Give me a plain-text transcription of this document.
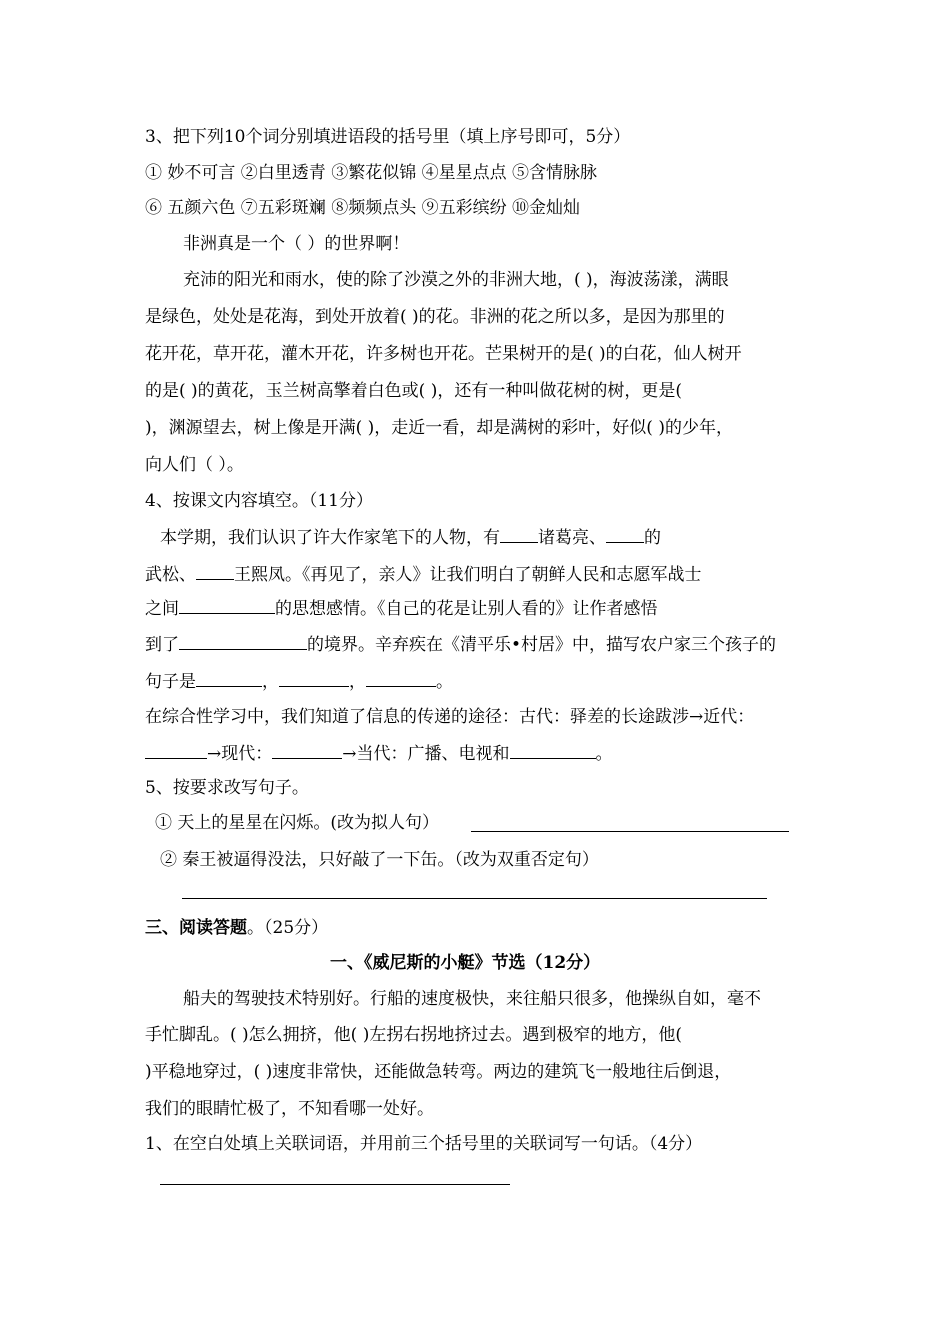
3、把下列10个词分别填进语段的括号里（填上序号即可，5分）
① 妙不可言 ②白里透青 ③繁花似锦 ④星星点点 ⑤含情脉脉
⑥ 五颜六色 ⑦五彩斑斓 ⑧频频点头 ⑨五彩缤纷 ⑩金灿灿
非洲真是一个（ ）的世界啊！
充沛的阳光和雨水，使的除了沙漠之外的非洲大地，( )，海波荡漾，满眼
是绿色，处处是花海，到处开放着( )的花。非洲的花之所以多，是因为那里的
花开花，草开花，灌木开花，许多树也开花。芒果树开的是( )的白花，仙人树开
的是( )的黄花，玉兰树高擎着白色或( )，还有一种叫做花树的树，更是(
)，渊源望去，树上像是开满( )，走近一看，却是满树的彩叶，好似( )的少年，
向人们（ ）。
4、按课文内容填空。（11分）
本学期，我们认识了许大作家笔下的人物，有 诸葛亮、 的
武松、 王熙凤。《再见了，亲人》让我们明白了朝鲜人民和志愿军战士
之间	的思想感情。《自己的花是让别人看的》让作者感悟
到了	的境界。辛弃疾在《清平乐•村居》中，描写农户家三个孩子的
句子是	，	，	。
在综合性学习中，我们知道了信息的传递的途径：古代：驿差的长途跋涉→近代：
→现代：	→当代：广播、电视和	。
5、按要求改写句子。
① 天上的星星在闪烁。(改为拟人句）
② 秦王被逼得没法，只好敲了一下缶。（改为双重否定句）
三、阅读答题。（25分）
一、《威尼斯的小艇》节选（12分）
船夫的驾驶技术特别好。行船的速度极快，来往船只很多，他操纵自如，毫不
手忙脚乱。( )怎么拥挤，他( )左拐右拐地挤过去。遇到极窄的地方，他(
)平稳地穿过，( )速度非常快，还能做急转弯。两边的建筑飞一般地往后倒退，
我们的眼睛忙极了，不知看哪一处好。
1、在空白处填上关联词语，并用前三个括号里的关联词写一句话。（4分）
